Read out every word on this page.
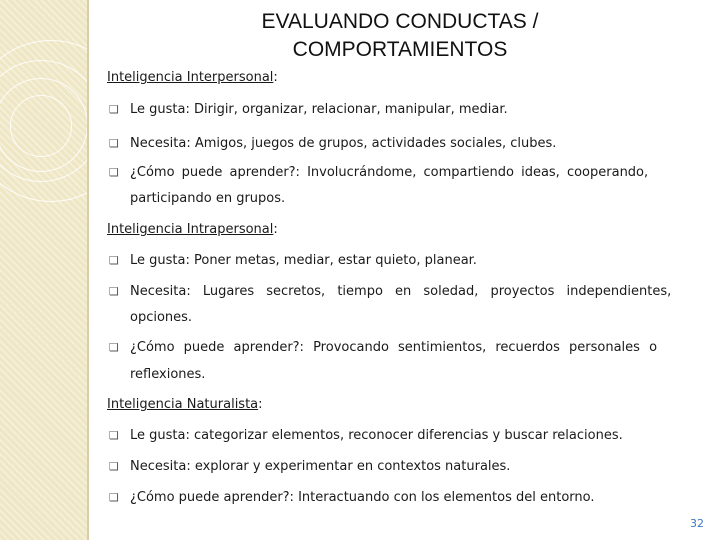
EVALUANDO CONDUCTAS /
COMPORTAMIENTOS
Inteligencia Interpersonal:
❑ Le gusta: Dirigir, organizar, relacionar, manipular, mediar.
❑ Necesita: Amigos, juegos de grupos, actividades sociales, clubes.
❑ ¿Cómo puede aprender?: Involucrándome, compartiendo ideas, cooperando,
participando en grupos.
Inteligencia Intrapersonal:
❑ Le gusta: Poner metas, mediar, estar quieto, planear.
❑ Necesita: Lugares secretos, tiempo en soledad, proyectos independientes,
opciones.
❑ ¿Cómo puede aprender?: Provocando sentimientos, recuerdos personales o
reflexiones.
Inteligencia Naturalista:
❑ Le gusta: categorizar elementos, reconocer diferencias y buscar relaciones.
❑ Necesita: explorar y experimentar en contextos naturales.
❑ ¿Cómo puede aprender?: Interactuando con los elementos del entorno.
32
